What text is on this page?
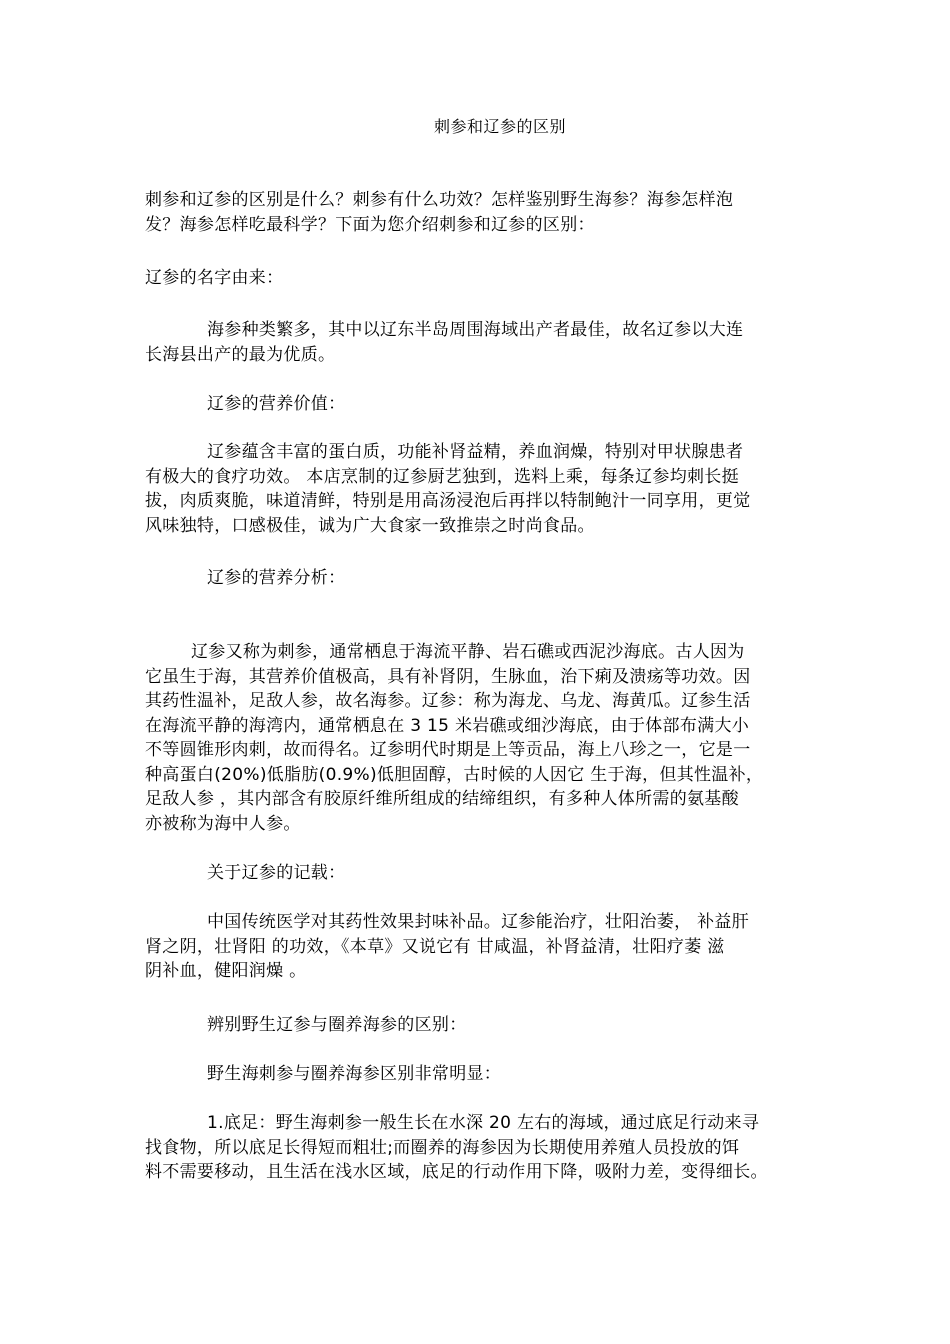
刺参和辽参的区别
刺参和辽参的区别是什么？刺参有什么功效？怎样鉴别野生海参？海参怎样泡
发？海参怎样吃最科学？下面为您介绍刺参和辽参的区别：
辽参的名字由来：
海参种类繁多，其中以辽东半岛周围海域出产者最佳，故名辽参以大连
长海县出产的最为优质。
辽参的营养价值：
辽参蕴含丰富的蛋白质，功能补肾益精，养血润燥，特别对甲状腺患者
有极大的食疗功效。 本店烹制的辽参厨艺独到，选料上乘，每条辽参均刺长挺
拔，肉质爽脆，味道清鲜，特别是用高汤浸泡后再拌以特制鲍汁一同享用，更觉
风味独特，口感极佳，诚为广大食家一致推崇之时尚食品。
辽参的营养分析：
辽参又称为刺参，通常栖息于海流平静、岩石礁或西泥沙海底。古人因为
它虽生于海，其营养价值极高，具有补肾阴，生脉血，治下痢及溃疡等功效。因
其药性温补，足敌人参，故名海参。辽参：称为海龙、乌龙、海黄瓜。辽参生活
在海流平静的海湾内，通常栖息在 3 15 米岩礁或细沙海底，由于体部布满大小
不等圆锥形肉刺，故而得名。辽参明代时期是上等贡品，海上八珍之一，它是一
种高蛋白(20%)低脂肪(0.9%)低胆固醇，古时候的人因它 生于海，但其性温补，
足敌人参 ，其内部含有胶原纤维所组成的结缔组织，有多种人体所需的氨基酸
亦被称为海中人参。
关于辽参的记载：
中国传统医学对其药性效果封味补品。辽参能治疗，壮阳治萎， 补益肝
肾之阴，壮肾阳 的功效，《本草》又说它有 甘咸温，补肾益清，壮阳疗萎 滋
阴补血，健阳润燥 。
辨别野生辽参与圈养海参的区别：
野生海刺参与圈养海参区别非常明显：
1.底足：野生海刺参一般生长在水深 20 左右的海域，通过底足行动来寻
找食物，所以底足长得短而粗壮;而圈养的海参因为长期使用养殖人员投放的饵
料不需要移动，且生活在浅水区域，底足的行动作用下降，吸附力差，变得细长。
